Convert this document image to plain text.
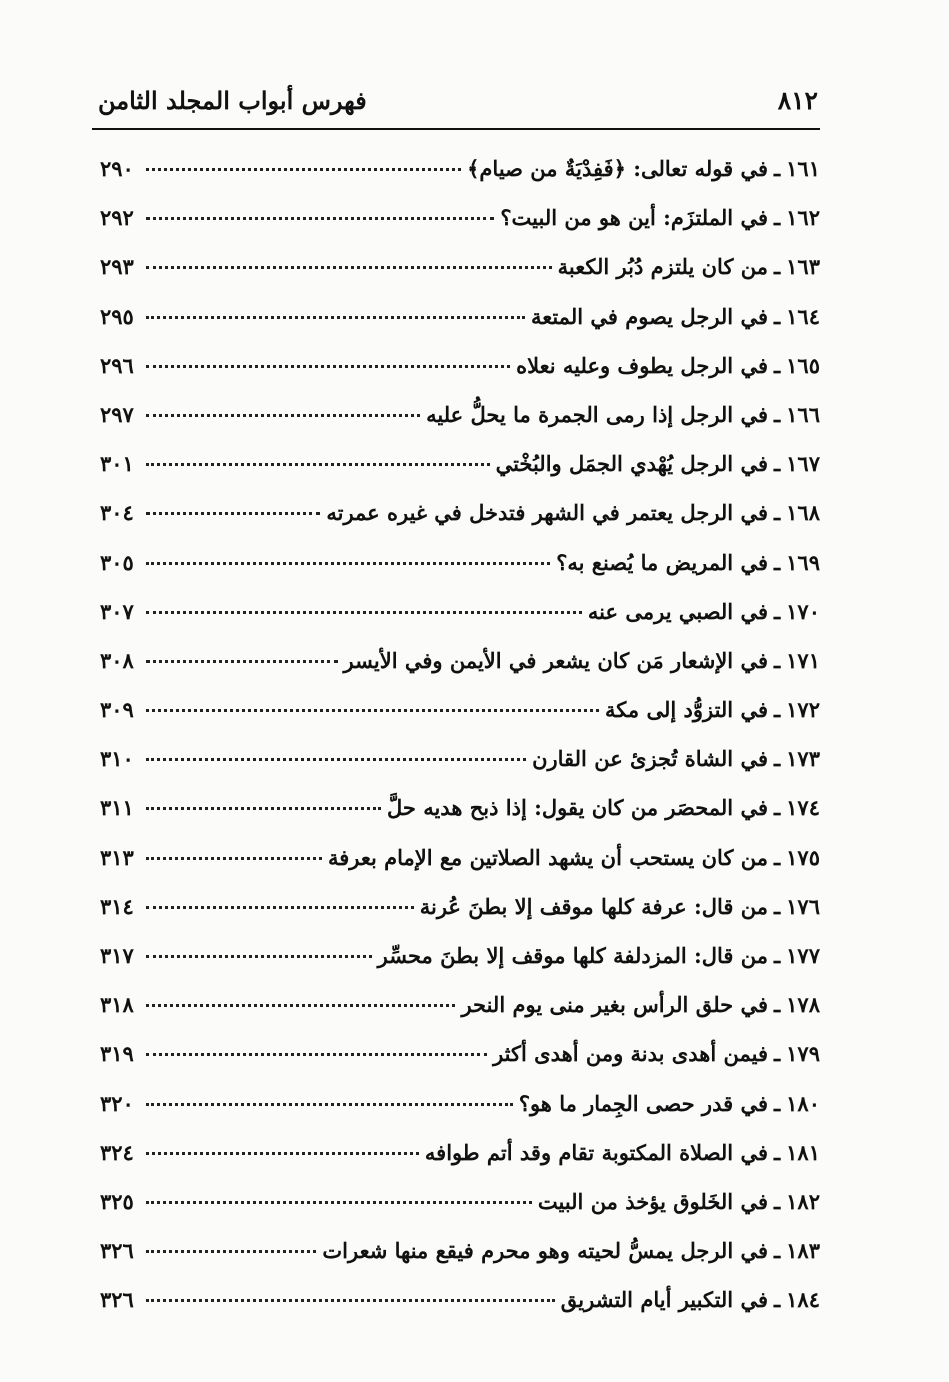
٨١٢
فهرس أبواب المجلد الثامن
١٦١
ـ
في قوله تعالى: ﴿فَفِدْيَةٌ من صيام﴾
٢٩٠
١٦٢
ـ
في الملتزَم: أين هو من البيت؟
٢٩٢
١٦٣
ـ
من كان يلتزم دُبُر الكعبة
٢٩٣
١٦٤
ـ
في الرجل يصوم في المتعة
٢٩٥
١٦٥
ـ
في الرجل يطوف وعليه نعلاه
٢٩٦
١٦٦
ـ
في الرجل إذا رمى الجمرة ما يحلُّ عليه
٢٩٧
١٦٧
ـ
في الرجل يُهْدي الجمَل والبُخْتي
٣٠١
١٦٨
ـ
في الرجل يعتمر في الشهر فتدخل في غيره عمرته
٣٠٤
١٦٩
ـ
في المريض ما يُصنع به؟
٣٠٥
١٧٠
ـ
في الصبي يرمى عنه
٣٠٧
١٧١
ـ
في الإشعار مَن كان يشعر في الأيمن وفي الأيسر
٣٠٨
١٧٢
ـ
في التزوُّد إلى مكة
٣٠٩
١٧٣
ـ
في الشاة تُجزئ عن القارن
٣١٠
١٧٤
ـ
في المحصَر من كان يقول: إذا ذبح هديه حلَّ
٣١١
١٧٥
ـ
من كان يستحب أن يشهد الصلاتين مع الإمام بعرفة
٣١٣
١٧٦
ـ
من قال: عرفة كلها موقف إلا بطنَ عُرنة
٣١٤
١٧٧
ـ
من قال: المزدلفة كلها موقف إلا بطنَ محسِّر
٣١٧
١٧٨
ـ
في حلق الرأس بغير منى يوم النحر
٣١٨
١٧٩
ـ
فيمن أهدى بدنة ومن أهدى أكثر
٣١٩
١٨٠
ـ
في قدر حصى الجِمار ما هو؟
٣٢٠
١٨١
ـ
في الصلاة المكتوبة تقام وقد أتم طوافه
٣٢٤
١٨٢
ـ
في الخَلوق يؤخذ من البيت
٣٢٥
١٨٣
ـ
في الرجل يمسُّ لحيته وهو محرم فيقع منها شعرات
٣٢٦
١٨٤
ـ
في التكبير أيام التشريق
٣٢٦
